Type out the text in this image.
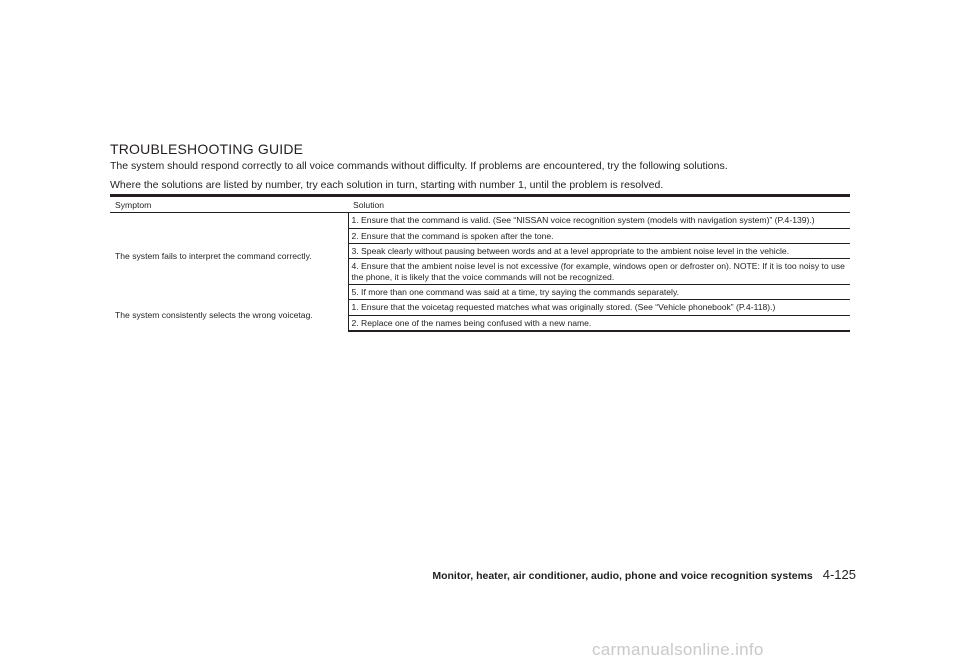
TROUBLESHOOTING GUIDE
The system should respond correctly to all voice commands without difficulty. If problems are encountered, try the following solutions.
Where the solutions are listed by number, try each solution in turn, starting with number 1, until the problem is resolved.
Symptom	Solution
The system fails to interpret the command correctly.	1. Ensure that the command is valid. (See “NISSAN voice recognition system (models with navigation system)” (P.4-139).)
	2. Ensure that the command is spoken after the tone.
	3. Speak clearly without pausing between words and at a level appropriate to the ambient noise level in the vehicle.
	4. Ensure that the ambient noise level is not excessive (for example, windows open or defroster on). NOTE: If it is too noisy to use the phone, it is likely that the voice commands will not be recognized.
	5. If more than one command was said at a time, try saying the commands separately.
The system consistently selects the wrong voicetag.	1. Ensure that the voicetag requested matches what was originally stored. (See “Vehicle phonebook” (P.4-118).)
	2. Replace one of the names being confused with a new name.
Monitor, heater, air conditioner, audio, phone and voice recognition systems 4-125
carmanualsonline.info
